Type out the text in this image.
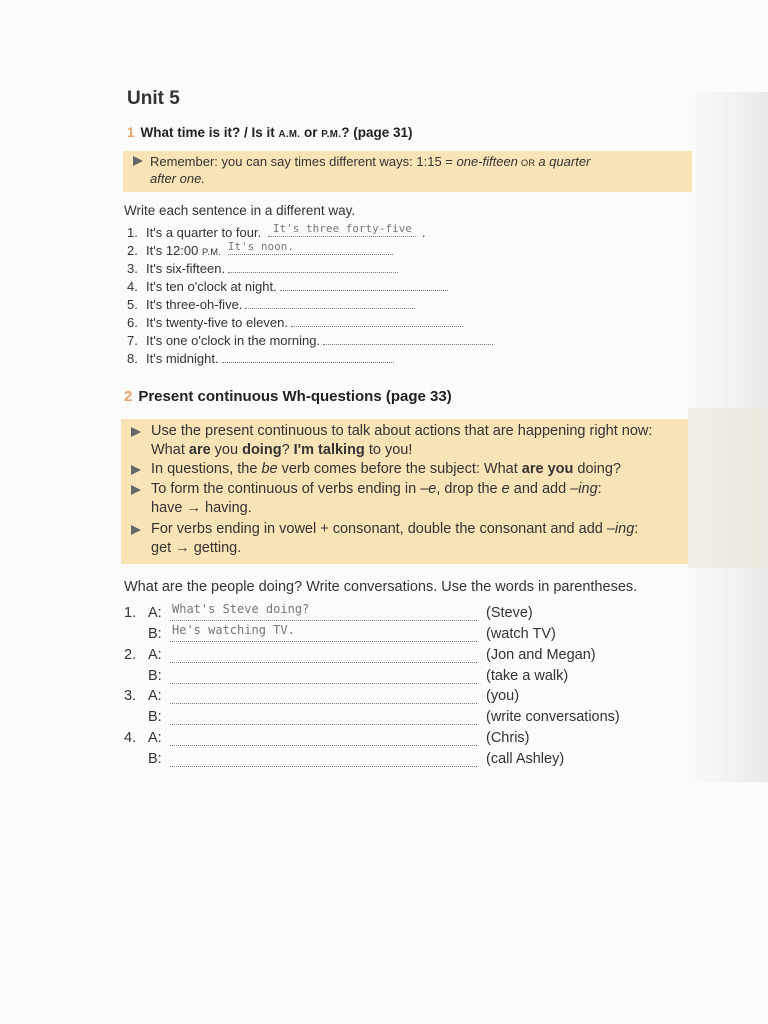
Unit 5
1 What time is it? / Is it A.M. or P.M.? (page 31)
Remember: you can say times different ways: 1:15 = one-fifteen OR a quarter
after one.
Write each sentence in a different way.
1. It's a quarter to four. It's three forty-five .
2. It's 12:00 P.M. It's noon.
3. It's six-fifteen.
4. It's ten o'clock at night.
5. It's three-oh-five.
6. It's twenty-five to eleven.
7. It's one o'clock in the morning.
8. It's midnight.
2 Present continuous Wh-questions (page 33)
Use the present continuous to talk about actions that are happening right now:
What are you doing? I'm talking to you!
In questions, the be verb comes before the subject: What are you doing?
To form the continuous of verbs ending in –e, drop the e and add –ing:
have → having.
For verbs ending in vowel + consonant, double the consonant and add –ing:
get → getting.
What are the people doing? Write conversations. Use the words in parentheses.
1. A: What's Steve doing?	(Steve)
B: He's watching TV.	(watch TV)
2. A:	(Jon and Megan)
B:	(take a walk)
3. A:	(you)
B:	(write conversations)
4. A:	(Chris)
B:	(call Ashley)
